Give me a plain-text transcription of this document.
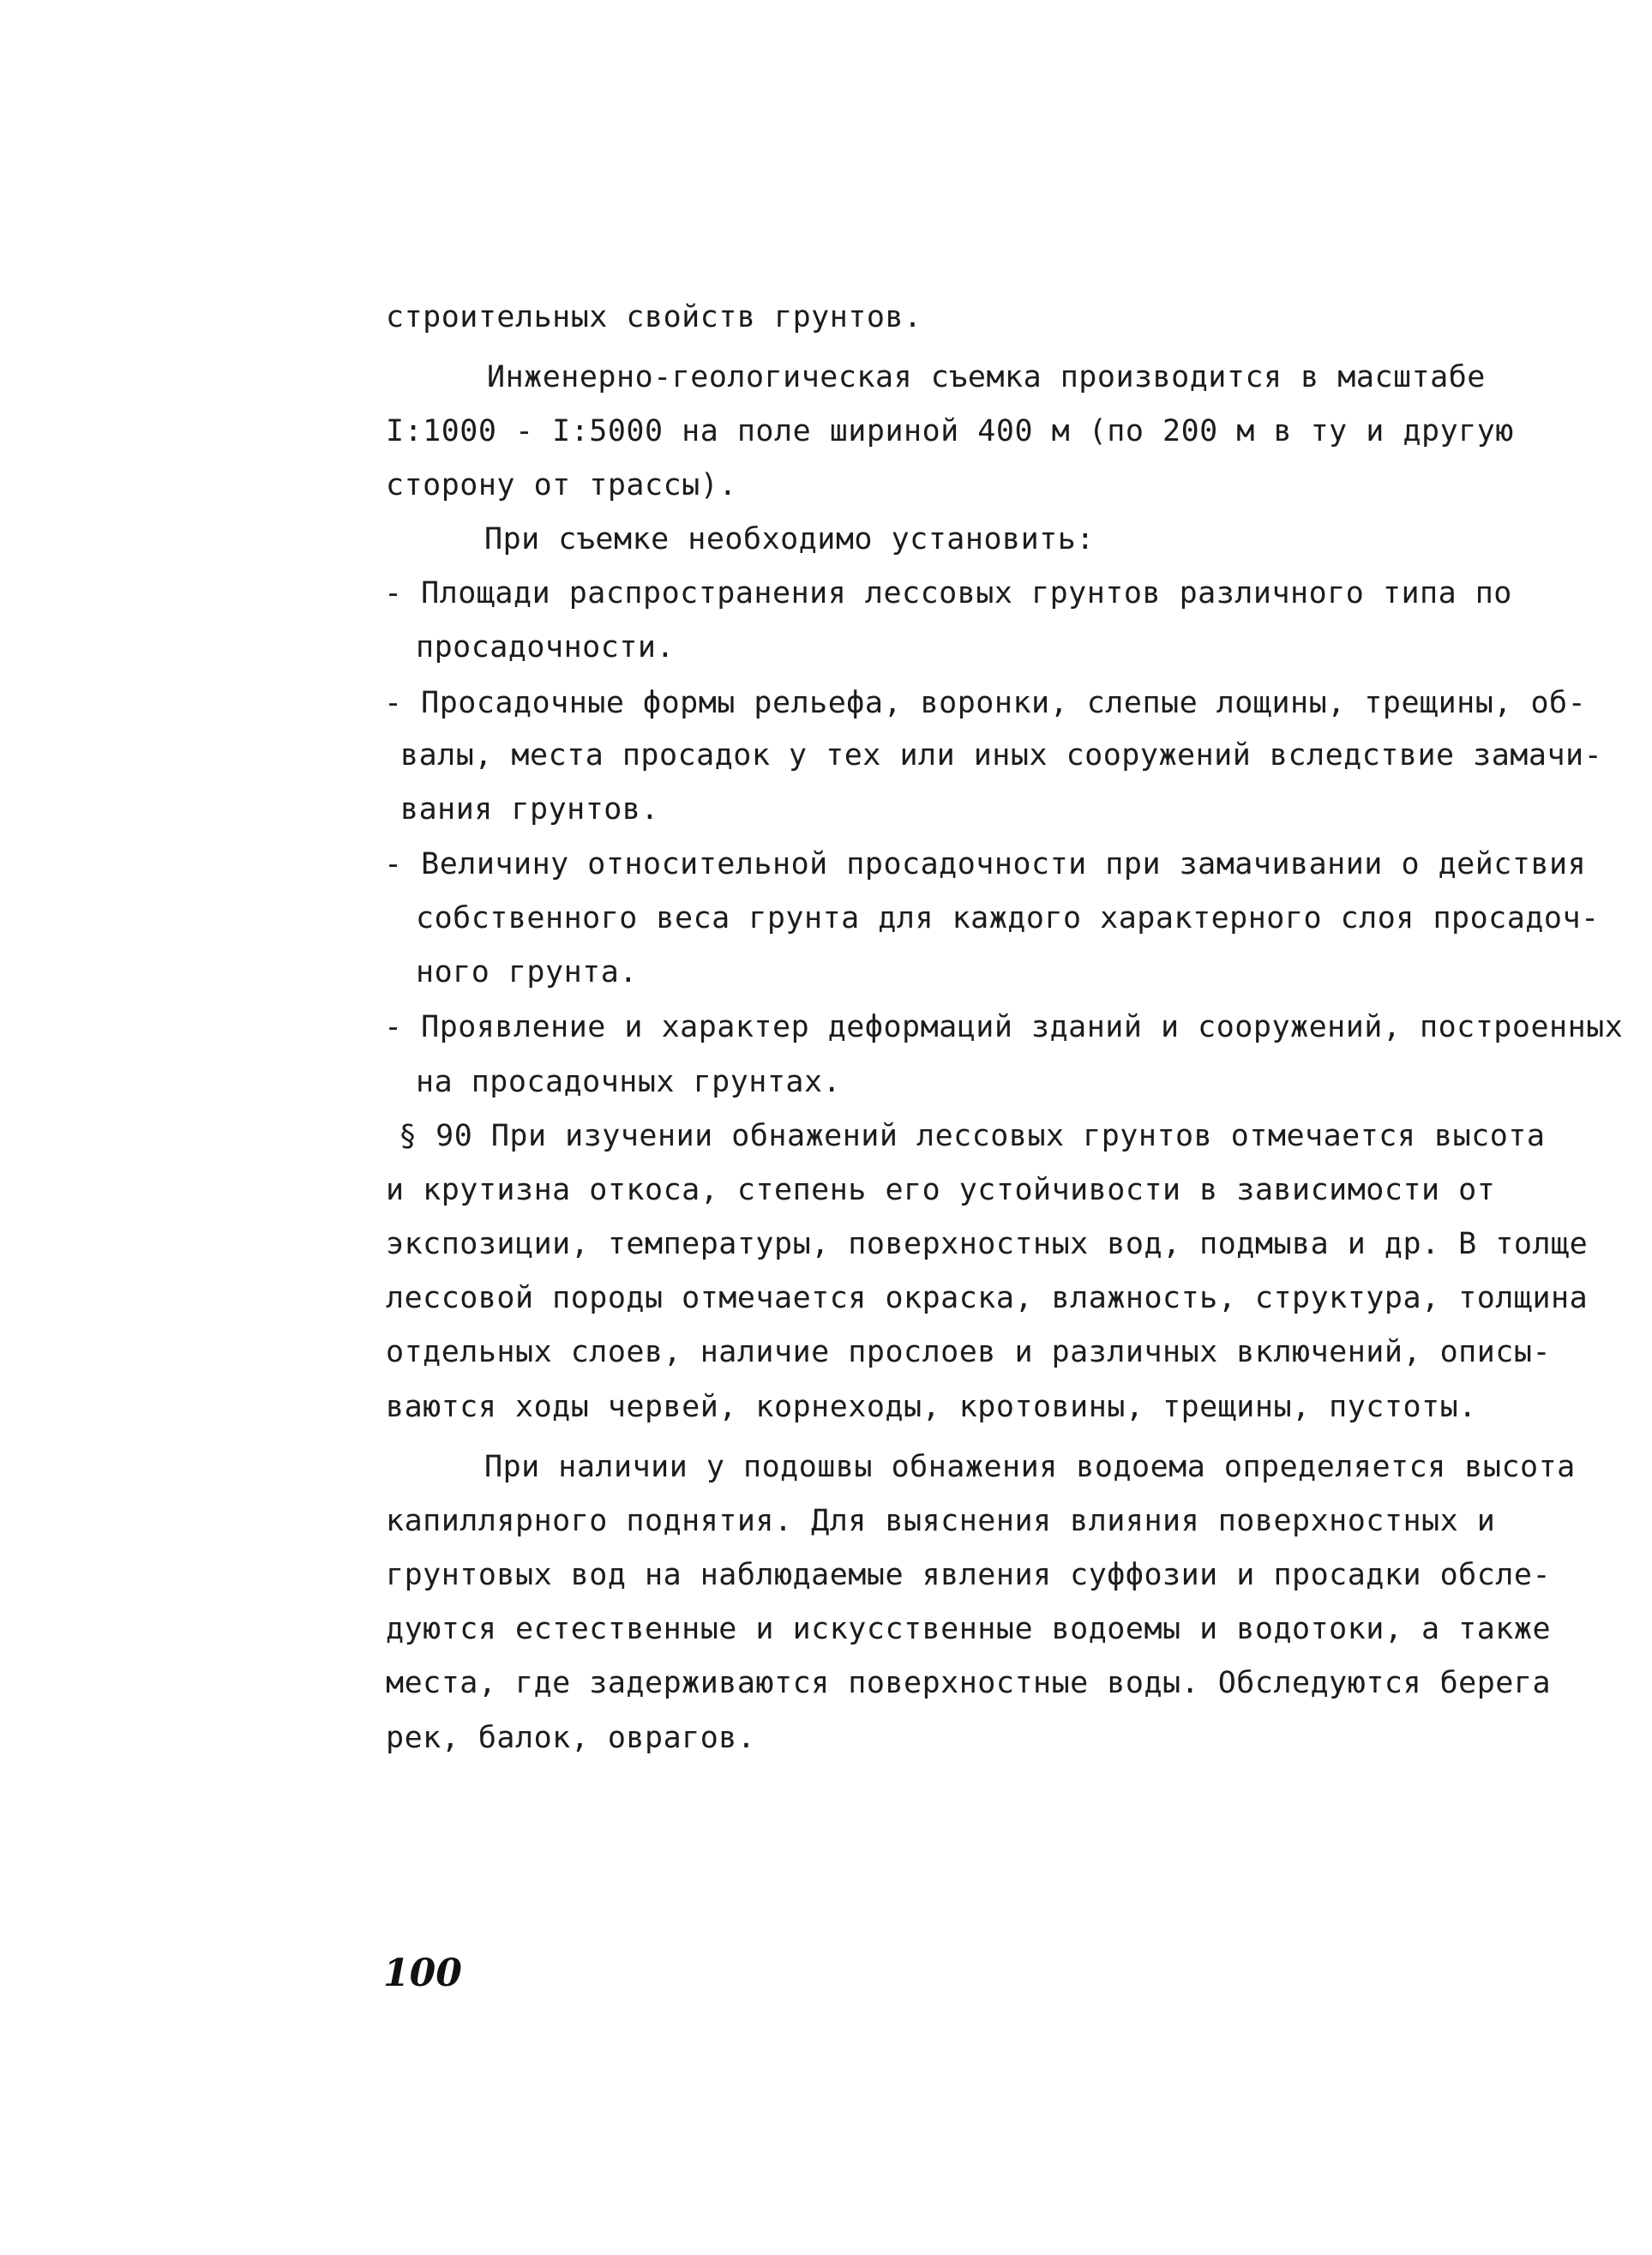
строительных свойств грунтов.
Инженерно-геологическая съемка производится в масштабе
I:1000 - I:5000 на поле шириной 400 м (по 200 м в ту и другую
сторону от трассы).
При съемке необходимо установить:
- Площади распространения лессовых грунтов различного типа по
просадочности.
- Просадочные формы рельефа, воронки, слепые лощины, трещины, об-
валы, места просадок у тех или иных сооружений вследствие замачи-
вания грунтов.
- Величину относительной просадочности при замачивании о действия
собственного веса грунта для каждого характерного слоя просадоч-
ного грунта.
- Проявление и характер деформаций зданий и сооружений, построенных
на просадочных грунтах.
§ 90 При изучении обнажений лессовых грунтов отмечается высота
и крутизна откоса, степень его устойчивости в зависимости от
экспозиции, температуры, поверхностных вод, подмыва и др. В толще
лессовой породы отмечается окраска, влажность, структура, толщина
отдельных слоев, наличие прослоев и различных включений, описы-
ваются ходы червей, корнеходы, кротовины, трещины, пустоты.
При наличии у подошвы обнажения водоема определяется высота
капиллярного поднятия. Для выяснения влияния поверхностных и
грунтовых вод на наблюдаемые явления суффозии и просадки обсле-
дуются естественные и искусственные водоемы и водотоки, а также
места, где задерживаются поверхностные воды. Обследуются берега
рек, балок, оврагов.
100
